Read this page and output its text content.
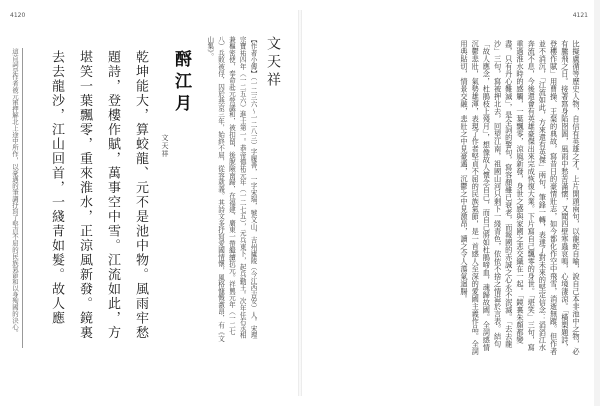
4120
文天祥
【作者小傳】（一二三六～一二八三）字履善，一字宋瑞，號文山，吉州廬陵（今江西吉安）人。宋理宗寶祐四年（一二五六）進士第一。恭帝德祐元年（一二七五），元兵東下，起兵勤王。次年任右丞相兼樞密使，奉命赴元營議和，被扣留，後脫險南歸，在福建、廣東一帶繼續抗元。祥興元年（一二七八）兵敗被俘，囚於燕京三年，始終不屈，從容就義。其詩文多抒寫愛國情懷，風格慷慨激昂，有《文山集》。
酹江月
文天祥
乾坤能大，算蛟龍、元不是池中物。風雨牢愁
題詩，登樓作賦，萬事空中雪。江流如此，方
堪笑一葉飄零，重來淮水，正涼風新發。鏡裏
去去龍沙，江山回首，一綫青如髮。故人應
這首詞是作者被元軍押解北上途中所作，以豪邁的筆調抒寫了堅貞不屈的民族氣節和以身殉國的決心。
4121
比擬盧循等歷史人物，自信有英雄之才。上片開頭兩句，以龍蛇自喻，說自己本非池中之物，必有騰飛之日。接著寫身陷囹圄，風雨中愁苦滿懷，又聞四壁寒蟲哀鳴，心境淒涼。「橫槊題詩，登樓作賦」用曹操、王粲的典故，寫昔日的豪情壯志，如今都化作空中飛雪，消逝無蹤。但作者並不消沉，「江流如此，方來還有英傑」兩句，筆鋒一轉，表達了對未來的堅定信念：滔滔江水奔流不息，今後還會有英雄豪傑出來完成恢復大業。下片寫自己飄零的身世。「堪笑」三句，寫重過淮水時的感觸，一葉飄零，涼風新發，身世之感與家國之悲交織在一起。「鏡裏朱顏都變盡，只有丹心難滅」，是全詞的警句，寫容顏雖已衰老，而報國的赤誠之心永不泯滅。「去去龍沙」三句，寫被押北去，回望江南，祖國山河只剩下一綫青色，依依不捨之情溢於言表。結句「故人應念，杜鵑枝上殘月」，想像故人懷念自己，而自己將如杜鵑啼血，魂歸故國。全詞感情沉鬱悲壯，氣勢雄渾，表現了作者堅貞不屈的民族氣節，是一首感人至深的愛國主義作品。全詞用典貼切，情景交融，悲壯之中見豪邁，沉鬱之中見激昂，讀之令人蕩氣迴腸。
